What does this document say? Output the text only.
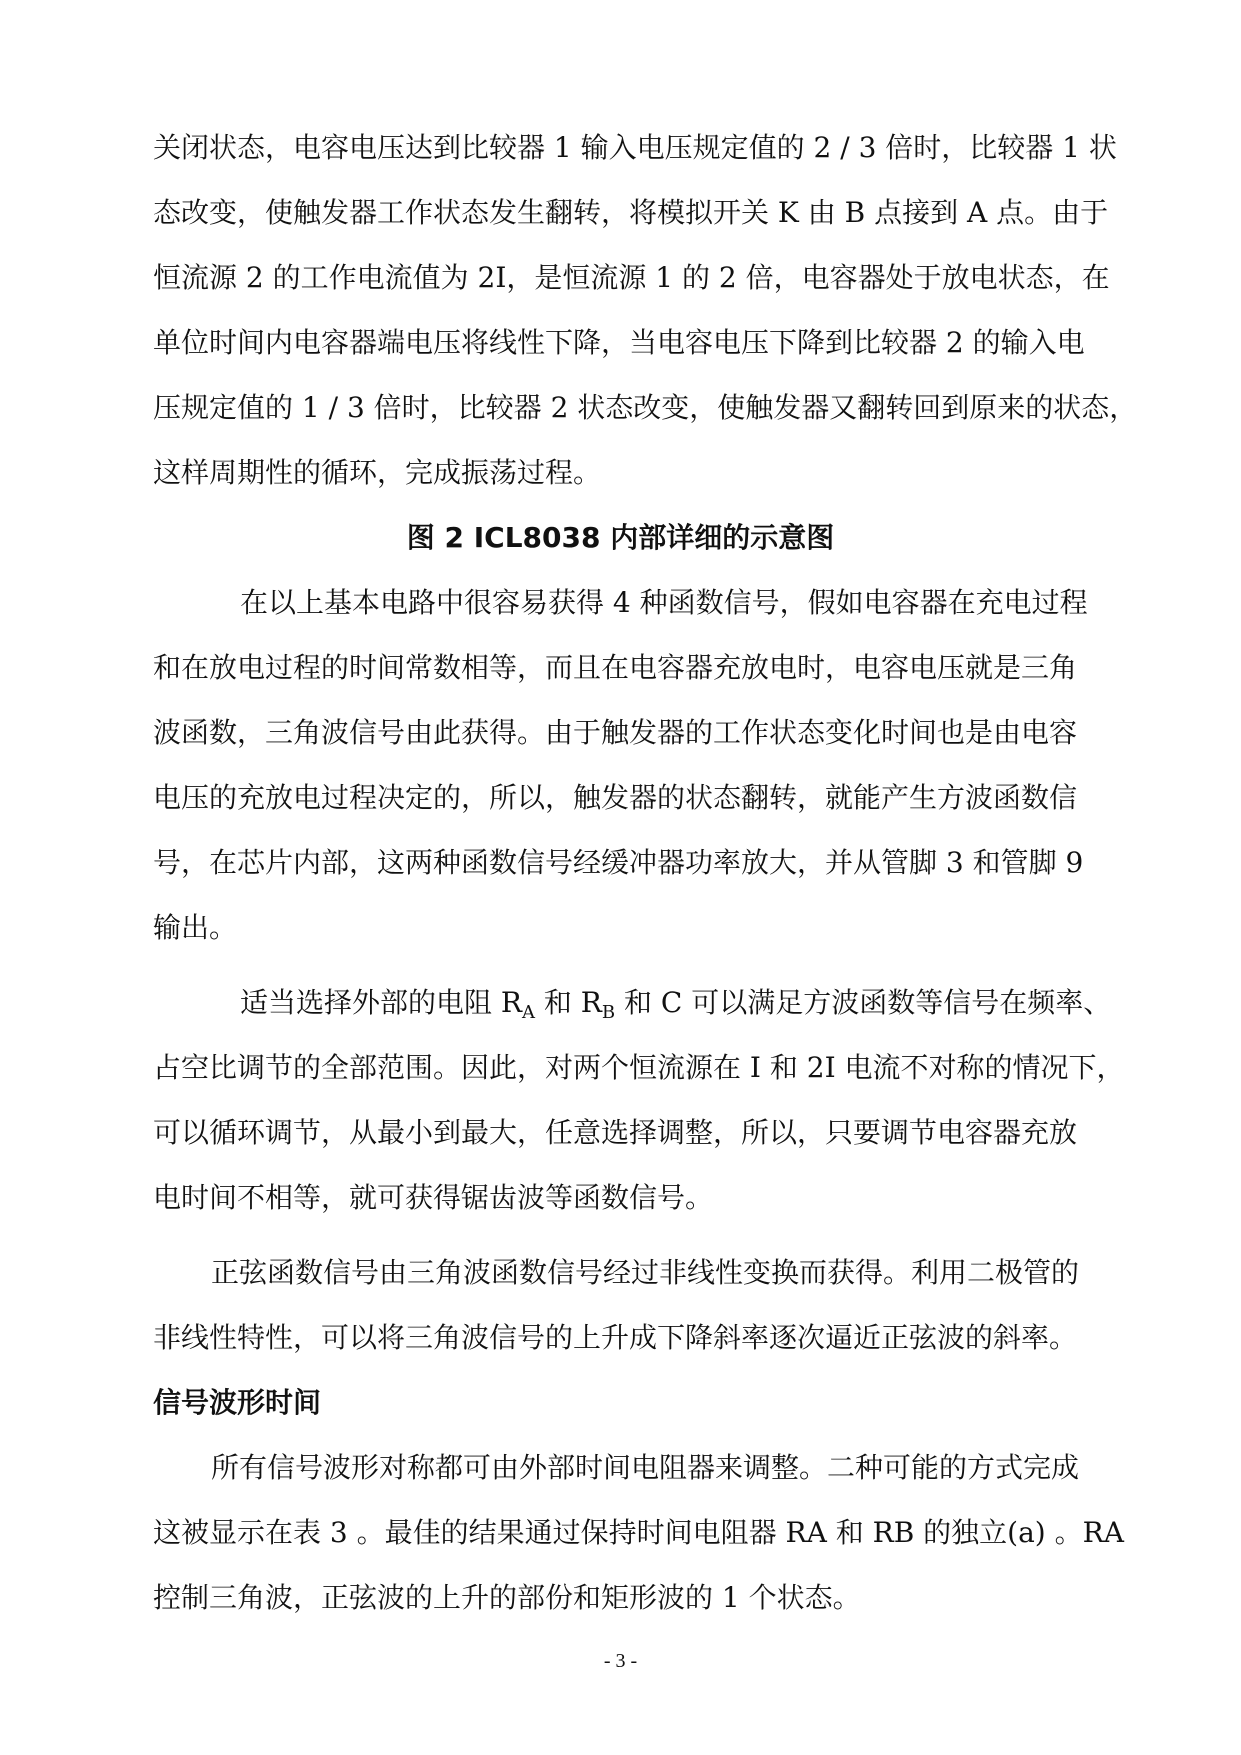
关闭状态，电容电压达到比较器 1 输入电压规定值的 2 / 3 倍时，比较器 1 状
态改变，使触发器工作状态发生翻转，将模拟开关 K 由 B 点接到 A 点。由于
恒流源 2 的工作电流值为 2I，是恒流源 1 的 2 倍，电容器处于放电状态，在
单位时间内电容器端电压将线性下降，当电容电压下降到比较器 2 的输入电
压规定值的 1 / 3 倍时，比较器 2 状态改变，使触发器又翻转回到原来的状态，
这样周期性的循环，完成振荡过程。
图 2 ICL8038 内部详细的示意图
在以上基本电路中很容易获得 4 种函数信号，假如电容器在充电过程
和在放电过程的时间常数相等，而且在电容器充放电时，电容电压就是三角
波函数，三角波信号由此获得。由于触发器的工作状态变化时间也是由电容
电压的充放电过程决定的，所以，触发器的状态翻转，就能产生方波函数信
号，在芯片内部，这两种函数信号经缓冲器功率放大，并从管脚 3 和管脚 9
输出。
适当选择外部的电阻 $R_A$ 和 $R_B$ 和 C 可以满足方波函数等信号在频率、
占空比调节的全部范围。因此，对两个恒流源在 I 和 2I 电流不对称的情况下，
可以循环调节，从最小到最大，任意选择调整，所以，只要调节电容器充放
电时间不相等，就可获得锯齿波等函数信号。
正弦函数信号由三角波函数信号经过非线性变换而获得。利用二极管的
非线性特性，可以将三角波信号的上升成下降斜率逐次逼近正弦波的斜率。
信号波形时间
所有信号波形对称都可由外部时间电阻器来调整。二种可能的方式完成
这被显示在表 3 。最佳的结果通过保持时间电阻器 RA 和 RB 的独立(a) 。RA
控制三角波，正弦波的上升的部份和矩形波的 1 个状态。
- 3 -
